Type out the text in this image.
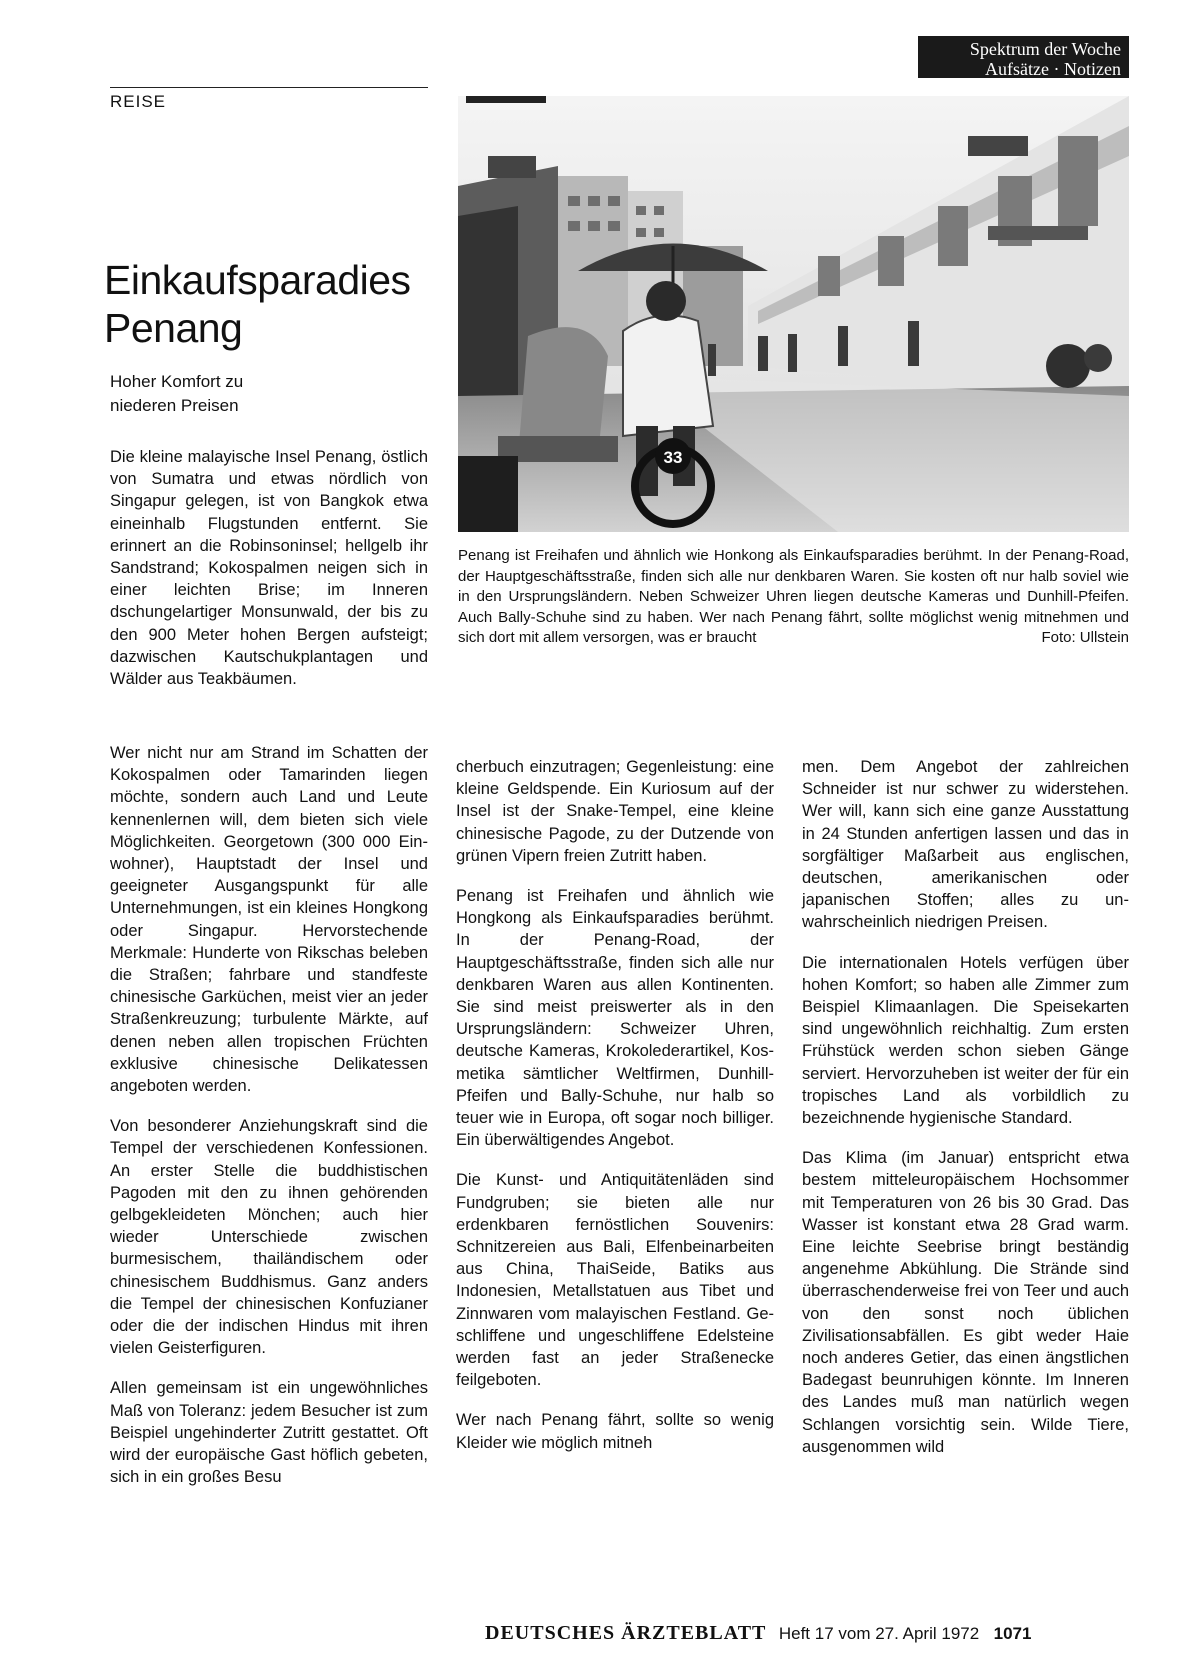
Spektrum der Woche
Aufsätze · Notizen
REISE
Einkaufsparadies
Penang
Hoher Komfort zu
niederen Preisen
33
Penang ist Freihafen und ähnlich wie Honkong als Einkaufsparadies berühmt. In der Penang-Road, der Hauptgeschäftsstraße, finden sich alle nur denkbaren Waren. Sie kosten oft nur halb soviel wie in den Ursprungsländern. Neben Schweizer Uhren liegen deutsche Kameras und Dunhill-Pfeifen. Auch Bally-Schuhe sind zu haben. Wer nach Penang fährt, sollte möglichst wenig mitnehmen und sich dort mit allem versorgen, was er braucht	Foto: Ullstein

Die kleine malayische Insel Penang, östlich von Sumatra und etwas nördlich von Singapur gelegen, ist von Bangkok etwa eineinhalb Flugstunden entfernt. Sie erinnert an die Robinsoninsel; hellgelb ihr Sandstrand; Kokospalmen neigen sich in einer leichten Brise; im Inneren dschungelartiger Monsunwald, der bis zu den 900 Meter hohen Bergen aufsteigt; dazwischen Kautschukplantagen und Wälder aus Teakbäumen.

Wer nicht nur am Strand im Schatten der Kokospalmen oder Tamarinden liegen möchte, sondern auch Land und Leute kennenlernen will, dem bieten sich viele Möglichkeiten. Georgetown (300 000 Einwohner), Hauptstadt der Insel und geeigneter Ausgangspunkt für alle Unternehmungen, ist ein kleines Hongkong oder Singapur. Hervorstechende Merkmale: Hunderte von Rikschas beleben die Straßen; fahrbare und standfeste chinesische Garküchen, meist vier an jeder Straßenkreuzung; turbulente Märkte, auf denen neben allen tropischen Früchten exklusive chinesische Delikatessen angeboten werden.

Von besonderer Anziehungskraft sind die Tempel der verschiedenen Konfessionen. An erster Stelle die buddhistischen Pagoden mit den zu ihnen gehörenden gelbgekleideten Mönchen; auch hier wieder Unterschiede zwischen burmesischem, thailändischem oder chinesischem Buddhismus. Ganz anders die Tempel der chinesischen Konfuzianer oder die der indischen Hindus mit ihren vielen Geisterfiguren.

Allen gemeinsam ist ein ungewöhnliches Maß von Toleranz: jedem Besucher ist zum Beispiel ungehinderter Zutritt gestattet. Oft wird der europäische Gast höflich gebeten, sich in ein großes Besu

cherbuch einzutragen; Gegenleistung: eine kleine Geldspende. Ein Kuriosum auf der Insel ist der Snake-Tempel, eine kleine chinesische Pagode, zu der Dutzende von grünen Vipern freien Zutritt haben.

Penang ist Freihafen und ähnlich wie Hongkong als Einkaufsparadies berühmt. In der Penang-Road, der Hauptgeschäftsstraße, finden sich alle nur denkbaren Waren aus allen Kontinenten. Sie sind meist preiswerter als in den Ursprungsländern: Schweizer Uhren, deutsche Kameras, Krokolederartikel, Kosmetika sämtlicher Weltfirmen, Dunhill-Pfeifen und Bally-Schuhe, nur halb so teuer wie in Europa, oft sogar noch billiger. Ein überwältigendes Angebot.

Die Kunst- und Antiquitätenläden sind Fundgruben; sie bieten alle nur erdenkbaren fernöstlichen Souvenirs: Schnitzereien aus Bali, Elfenbeinarbeiten aus China, ThaiSeide, Batiks aus Indonesien, Metallstatuen aus Tibet und Zinnwaren vom malayischen Festland. Geschliffene und ungeschliffene Edelsteine werden fast an jeder Straßenecke feilgeboten.

Wer nach Penang fährt, sollte so wenig Kleider wie möglich mitneh

men. Dem Angebot der zahlreichen Schneider ist nur schwer zu widerstehen. Wer will, kann sich eine ganze Ausstattung in 24 Stunden anfertigen lassen und das in sorgfältiger Maßarbeit aus englischen, deutschen, amerikanischen oder japanischen Stoffen; alles zu unwahrscheinlich niedrigen Preisen.

Die internationalen Hotels verfügen über hohen Komfort; so haben alle Zimmer zum Beispiel Klimaanlagen. Die Speisekarten sind ungewöhnlich reichhaltig. Zum ersten Frühstück werden schon sieben Gänge serviert. Hervorzuheben ist weiter der für ein tropisches Land als vorbildlich zu bezeichnende hygienische Standard.

Das Klima (im Januar) entspricht etwa bestem mitteleuropäischem Hochsommer mit Temperaturen von 26 bis 30 Grad. Das Wasser ist konstant etwa 28 Grad warm. Eine leichte Seebrise bringt beständig angenehme Abkühlung. Die Strände sind überraschenderweise frei von Teer und auch von den sonst noch üblichen Zivilisationsabfällen. Es gibt weder Haie noch anderes Getier, das einen ängstlichen Badegast beunruhigen könnte. Im Inneren des Landes muß man natürlich wegen Schlangen vorsichtig sein. Wilde Tiere, ausgenommen wild

DEUTSCHES ÄRZTEBLATT Heft 17 vom 27. April 1972 1071
